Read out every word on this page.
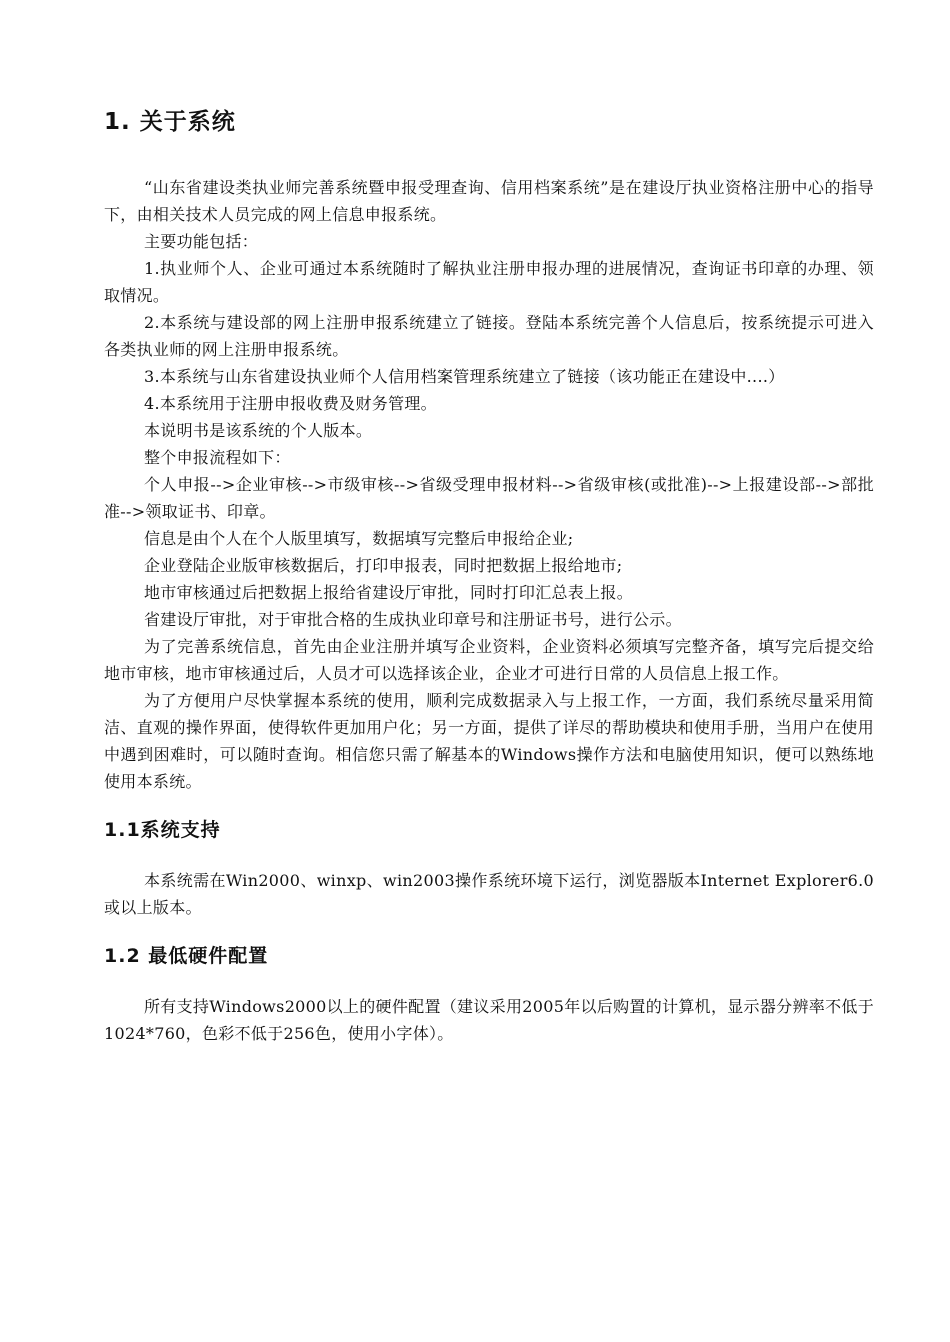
1. 关于系统

“山东省建设类执业师完善系统暨申报受理查询、信用档案系统”是在建设厅执业资格注册中心的指导下，由相关技术人员完成的网上信息申报系统。

主要功能包括：

1.执业师个人、企业可通过本系统随时了解执业注册申报办理的进展情况，查询证书印章的办理、领取情况。

2.本系统与建设部的网上注册申报系统建立了链接。登陆本系统完善个人信息后，按系统提示可进入各类执业师的网上注册申报系统。

3.本系统与山东省建设执业师个人信用档案管理系统建立了链接（该功能正在建设中....）

4.本系统用于注册申报收费及财务管理。

本说明书是该系统的个人版本。

整个申报流程如下：

个人申报-->企业审核-->市级审核-->省级受理申报材料-->省级审核(或批准)-->上报建设部-->部批准-->领取证书、印章。

信息是由个人在个人版里填写，数据填写完整后申报给企业;

企业登陆企业版审核数据后，打印申报表，同时把数据上报给地市;

地市审核通过后把数据上报给省建设厅审批，同时打印汇总表上报。

省建设厅审批，对于审批合格的生成执业印章号和注册证书号，进行公示。

为了完善系统信息，首先由企业注册并填写企业资料，企业资料必须填写完整齐备，填写完后提交给地市审核，地市审核通过后，人员才可以选择该企业，企业才可进行日常的人员信息上报工作。

为了方便用户尽快掌握本系统的使用，顺利完成数据录入与上报工作，一方面，我们系统尽量采用简洁、直观的操作界面，使得软件更加用户化；另一方面，提供了详尽的帮助模块和使用手册，当用户在使用中遇到困难时，可以随时查询。相信您只需了解基本的Windows操作方法和电脑使用知识，便可以熟练地使用本系统。

1.1系统支持

本系统需在Win2000、winxp、win2003操作系统环境下运行，浏览器版本Internet Explorer6.0或以上版本。

1.2 最低硬件配置

所有支持Windows2000以上的硬件配置（建议采用2005年以后购置的计算机，显示器分辨率不低于1024*760，色彩不低于256色，使用小字体）。
